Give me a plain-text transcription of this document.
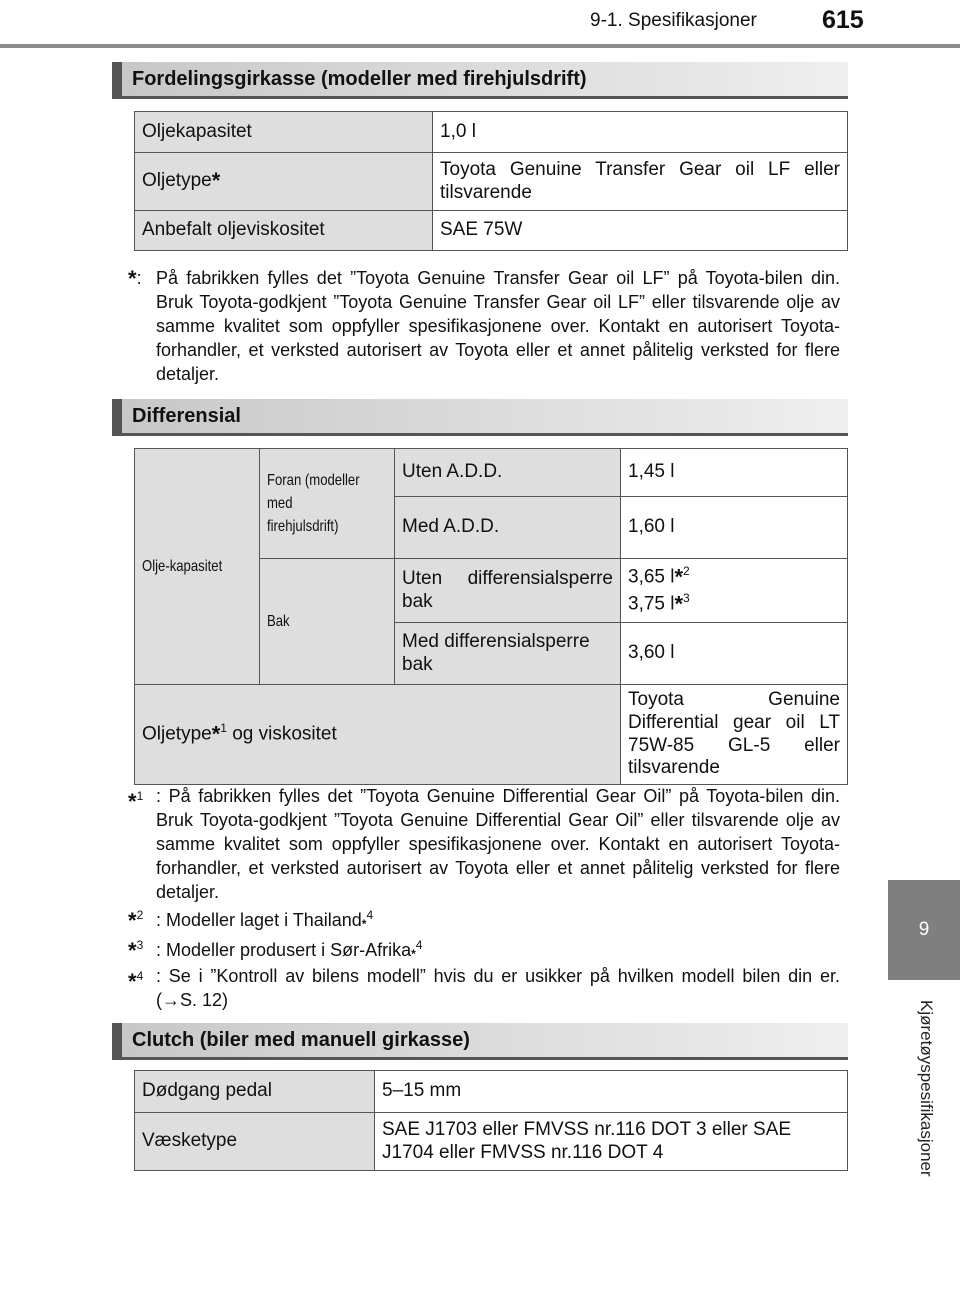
9-1. Spesifikasjoner	615
9
Kjøretøyspesifikasjoner
Fordelingsgirkasse (modeller med firehjulsdrift)
Oljekapasitet	1,0 l
Oljetype*	Toyota Genuine Transfer Gear oil LF eller tilsvarende
Anbefalt oljeviskositet	SAE 75W
*: På fabrikken fylles det ”Toyota Genuine Transfer Gear oil LF” på Toyota-bilen din. Bruk Toyota-godkjent ”Toyota Genuine Transfer Gear oil LF” eller tilsvarende olje av samme kvalitet som oppfyller spesifikasjonene over. Kontakt en autorisert Toyota-forhandler, et verksted autorisert av Toyota eller et annet pålitelig verksted for flere detaljer.
Differensial
Olje-kapasitet	Foran (modeller med firehjulsdrift)	Uten A.D.D.	1,45 l
		Med A.D.D.	1,60 l
	Bak	Uten differensialsperre bak	3,65 $l^{*2}$
3,75 $l^{*3}$
		Med differensialsperre bak	3,60 l
Oljetype$^{*1}$ og viskositet			Toyota Genuine Differential gear oil LT 75W-85 GL-5 eller tilsvarende
*$^1$ : På fabrikken fylles det ”Toyota Genuine Differential Gear Oil” på Toyota-bilen din. Bruk Toyota-godkjent ”Toyota Genuine Differential Gear Oil” eller tilsvarende olje av samme kvalitet som oppfyller spesifikasjonene over. Kontakt en autorisert Toyota-forhandler, et verksted autorisert av Toyota eller et annet pålitelig verksted for flere detaljer.
*$^2$ : Modeller laget i Thailand$^{*4}$
*$^3$ : Modeller produsert i Sør-Afrika$^{*4}$
*$^4$ : Se i ”Kontroll av bilens modell” hvis du er usikker på hvilken modell bilen din er. (→S. 12)
Clutch (biler med manuell girkasse)
Dødgang pedal	5–15 mm
Væsketype	SAE J1703 eller FMVSS nr.116 DOT 3 eller SAE J1704 eller FMVSS nr.116 DOT 4
